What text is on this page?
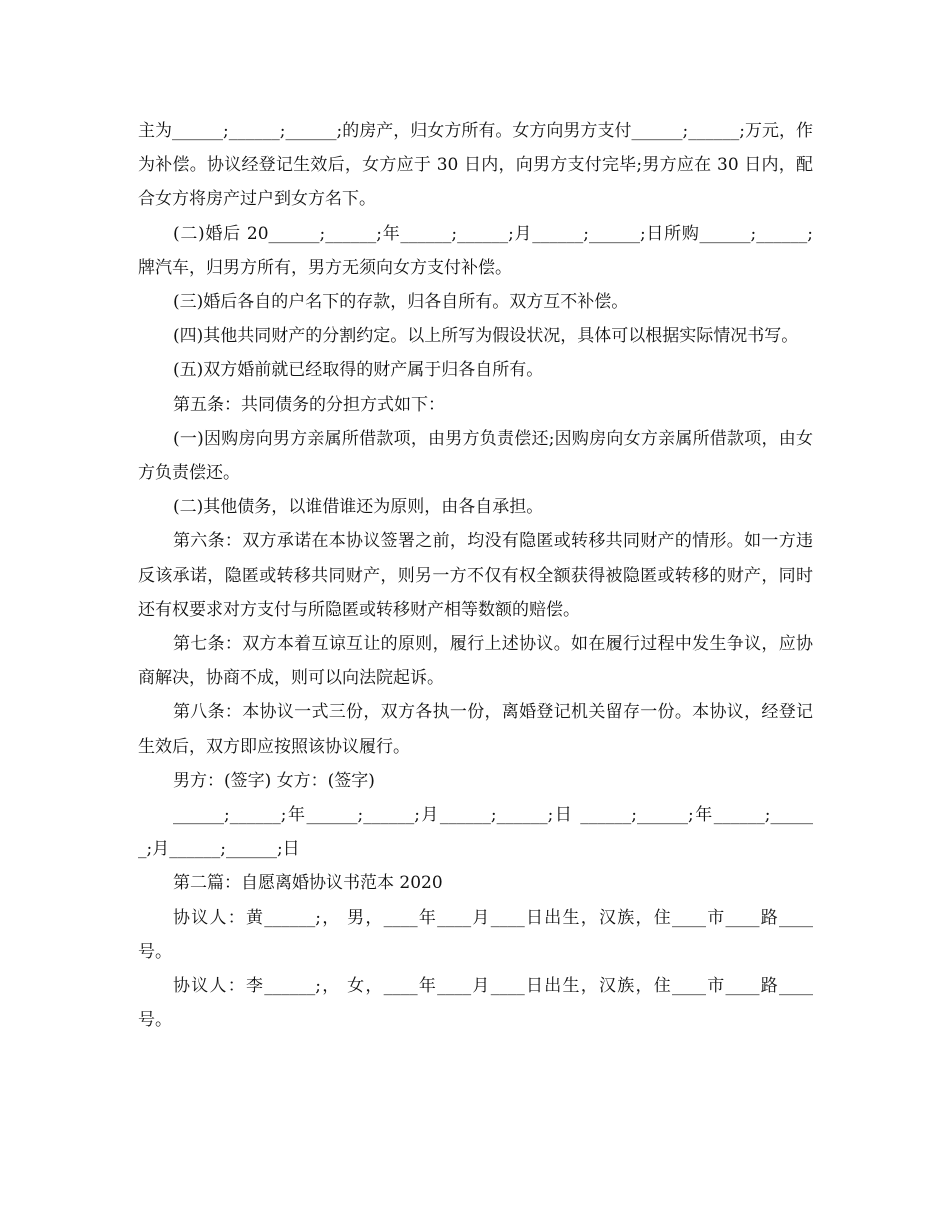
主为______;______;______;的房产，归女方所有。女方向男方支付______;______;万元，作为补偿。协议经登记生效后，女方应于 30 日内，向男方支付完毕;男方应在 30 日内，配合女方将房产过户到女方名下。

(二)婚后 20______;______;年______;______;月______;______;日所购______;______;牌汽车，归男方所有，男方无须向女方支付补偿。

(三)婚后各自的户名下的存款，归各自所有。双方互不补偿。

(四)其他共同财产的分割约定。以上所写为假设状况，具体可以根据实际情况书写。

(五)双方婚前就已经取得的财产属于归各自所有。

第五条：共同债务的分担方式如下：

(一)因购房向男方亲属所借款项，由男方负责偿还;因购房向女方亲属所借款项，由女方负责偿还。

(二)其他债务，以谁借谁还为原则，由各自承担。

第六条：双方承诺在本协议签署之前，均没有隐匿或转移共同财产的情形。如一方违反该承诺，隐匿或转移共同财产，则另一方不仅有权全额获得被隐匿或转移的财产，同时还有权要求对方支付与所隐匿或转移财产相等数额的赔偿。

第七条：双方本着互谅互让的原则，履行上述协议。如在履行过程中发生争议，应协商解决，协商不成，则可以向法院起诉。

第八条：本协议一式三份，双方各执一份，离婚登记机关留存一份。本协议，经登记生效后，双方即应按照该协议履行。

男方：(签字) 女方：(签字)

______;______;年______;______;月______;______;日 ______;______;年______;______;月______;______;日

第二篇：自愿离婚协议书范本 2020

协议人：黄______;， 男，____年____月____日出生，汉族，住____市____路____号。

协议人：李______;， 女，____年____月____日出生，汉族，住____市____路____号。
